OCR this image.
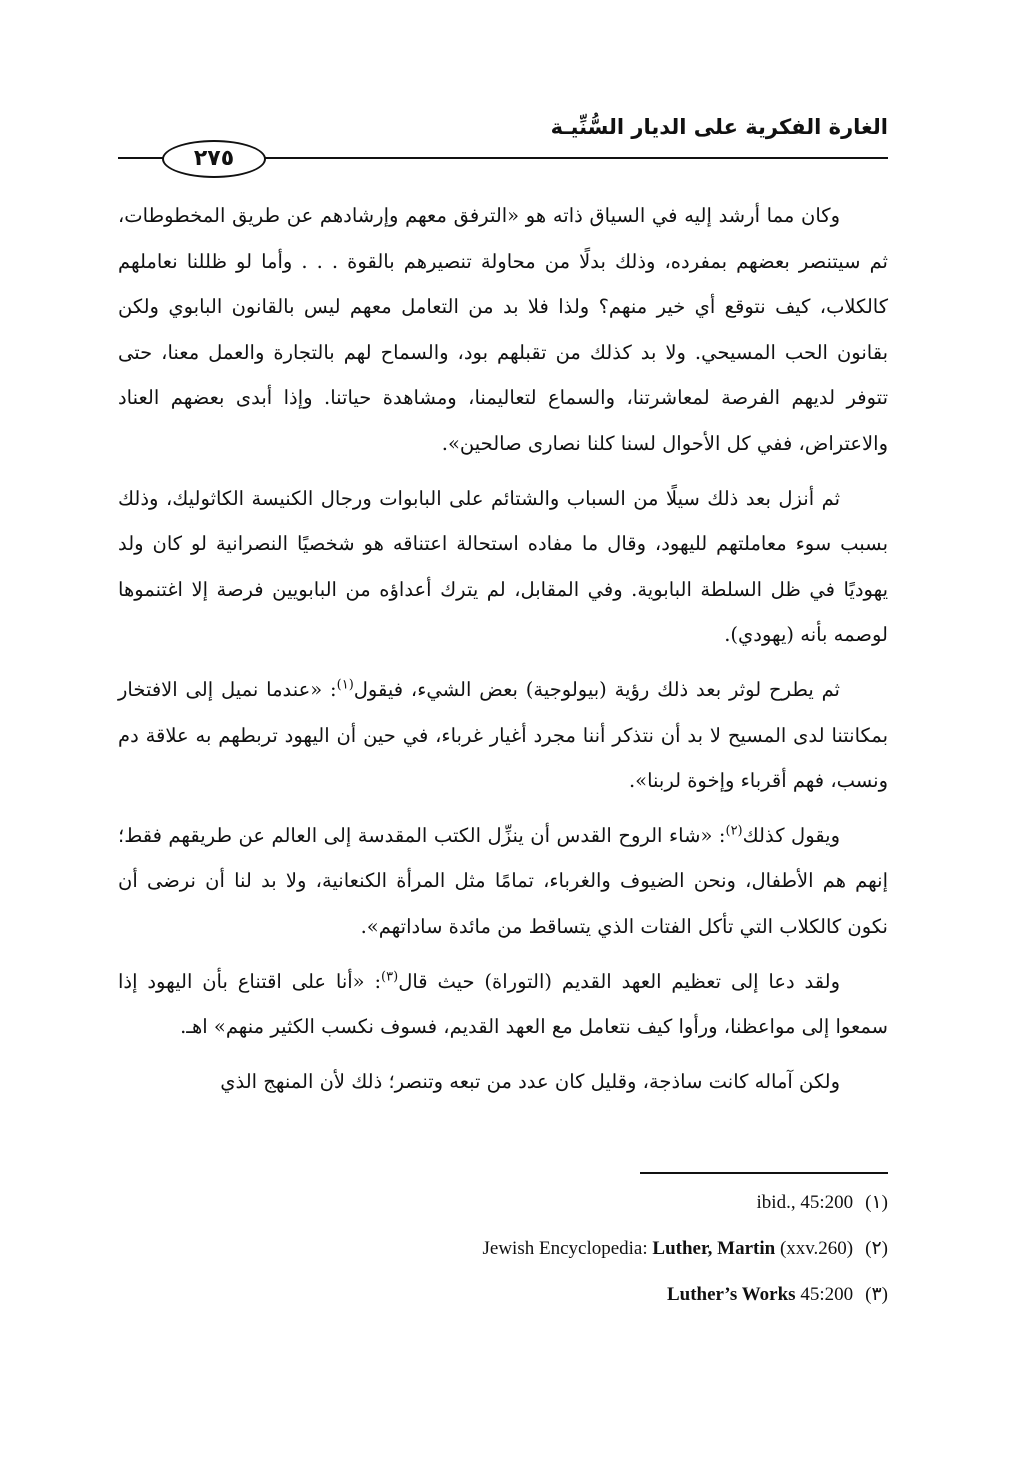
الغارة الفكرية على الديار السُّنِّيـة
٢٧٥

وكان مما أرشد إليه في السياق ذاته هو «الترفق معهم وإرشادهم عن طريق المخطوطات، ثم سيتنصر بعضهم بمفرده، وذلك بدلًا من محاولة تنصيرهم بالقوة . . . وأما لو ظللنا نعاملهم كالكلاب، كيف نتوقع أي خير منهم؟ ولذا فلا بد من التعامل معهم ليس بالقانون البابوي ولكن بقانون الحب المسيحي. ولا بد كذلك من تقبلهم بود، والسماح لهم بالتجارة والعمل معنا، حتى تتوفر لديهم الفرصة لمعاشرتنا، والسماع لتعاليمنا، ومشاهدة حياتنا. وإذا أبدى بعضهم العناد والاعتراض، ففي كل الأحوال لسنا كلنا نصارى صالحين».

ثم أنزل بعد ذلك سيلًا من السباب والشتائم على البابوات ورجال الكنيسة الكاثوليك، وذلك بسبب سوء معاملتهم لليهود، وقال ما مفاده استحالة اعتناقه هو شخصيًا النصرانية لو كان ولد يهوديًا في ظل السلطة البابوية. وفي المقابل، لم يترك أعداؤه من البابويين فرصة إلا اغتنموها لوصمه بأنه (يهودي).

ثم يطرح لوثر بعد ذلك رؤية (بيولوجية) بعض الشيء، فيقول$^{(١)}$: «عندما نميل إلى الافتخار بمكانتنا لدى المسيح لا بد أن نتذكر أننا مجرد أغيار غرباء، في حين أن اليهود تربطهم به علاقة دم ونسب، فهم أقرباء وإخوة لربنا».

ويقول كذلك$^{(٢)}$: «شاء الروح القدس أن ينزِّل الكتب المقدسة إلى العالم عن طريقهم فقط؛ إنهم هم الأطفال، ونحن الضيوف والغرباء، تمامًا مثل المرأة الكنعانية، ولا بد لنا أن نرضى أن نكون كالكلاب التي تأكل الفتات الذي يتساقط من مائدة ساداتهم».

ولقد دعا إلى تعظيم العهد القديم (التوراة) حيث قال$^{(٣)}$: «أنا على اقتناع بأن اليهود إذا سمعوا إلى مواعظنا، ورأوا كيف نتعامل مع العهد القديم، فسوف نكسب الكثير منهم» اهـ.

ولكن آماله كانت ساذجة، وقليل كان عدد من تبعه وتنصر؛ ذلك لأن المنهج الذي

ibid., 45:200 (١)
Jewish Encyclopedia: Luther, Martin (xxv.260) (٢)
Luther’s Works 45:200 (٣)
